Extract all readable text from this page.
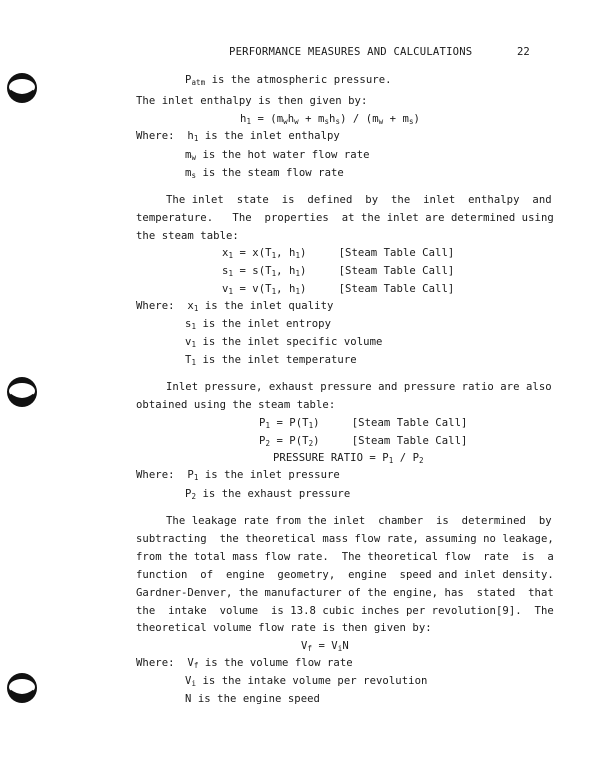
PERFORMANCE MEASURES AND CALCULATIONS	22
$P_{atm}$ is the atmospheric pressure.
The inlet enthalpy is then given by:
$h_1 = (m_wh_w + m_sh_s) / (m_w + m_s)$
Where:  $h_1$ is the inlet enthalpy
$m_w$ is the hot water flow rate
$m_s$ is the steam flow rate
The inlet  state  is  defined  by  the  inlet  enthalpy  and
temperature.   The  properties  at the inlet are determined using
the steam table:
$x_1 = x(T_1$, $h_1$)     [Steam Table Call]
$s_1 = s(T_1$, $h_1$)     [Steam Table Call]
$v_1 = v(T_1$, $h_1$)     [Steam Table Call]
Where:  $x_1$ is the inlet quality
$s_1$ is the inlet entropy
$v_1$ is the inlet specific volume
$T_1$ is the inlet temperature
Inlet pressure, exhaust pressure and pressure ratio are also
obtained using the steam table:
$P_1 = P(T_1)$     [Steam Table Call]
$P_2 = P(T_2)$     [Steam Table Call]
PRESSURE RATIO = $P_1 / P_2$
Where:  $P_1$ is the inlet pressure
$P_2$ is the exhaust pressure
The leakage rate from the inlet  chamber  is  determined  by
subtracting  the theoretical mass flow rate, assuming no leakage,
from the total mass flow rate.  The theoretical flow  rate  is  a
function  of  engine  geometry,  engine  speed and inlet density.
Gardner-Denver, the manufacturer of the engine, has  stated  that
the  intake  volume  is 13.8 cubic inches per revolution[9].  The
theoretical volume flow rate is then given by:
$V_f = V_iN$
Where:  $V_f$ is the volume flow rate
$V_i$ is the intake volume per revolution
N is the engine speed
